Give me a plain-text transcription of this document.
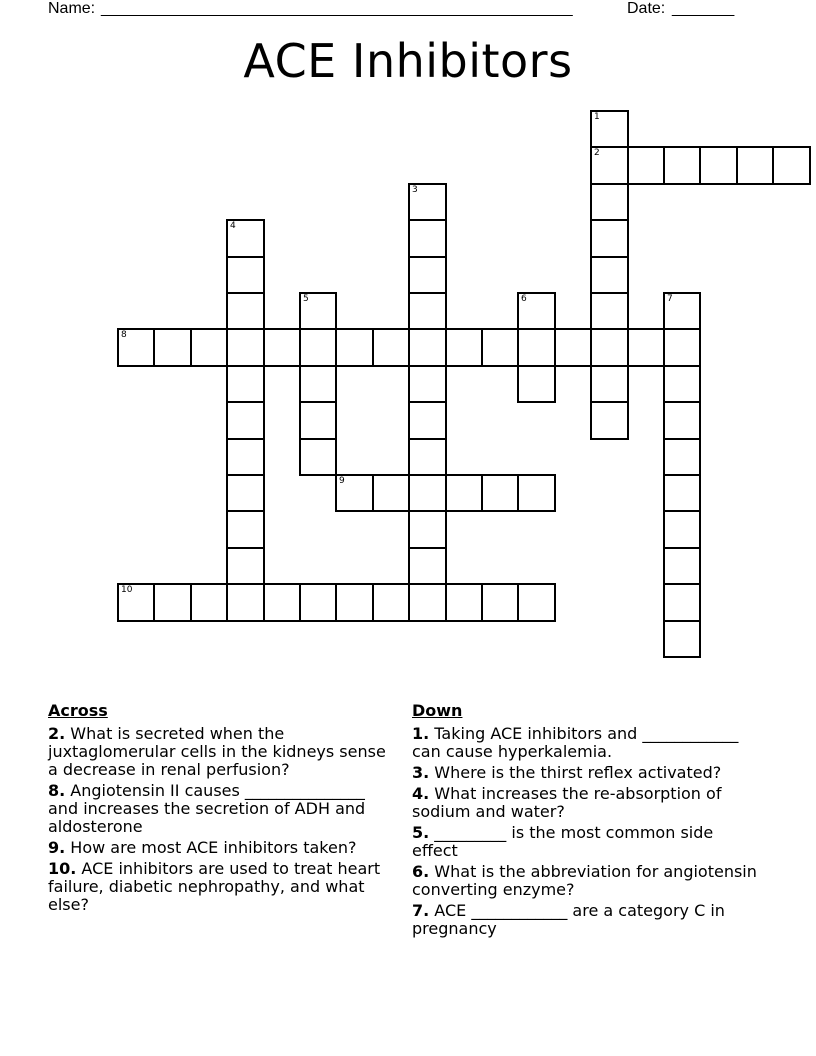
Name: _____________________________________________________	Date: _______
ACE Inhibitors
2
8
9
10
1
3
4
5	6	7
Across
2. What is secreted when the juxtaglomerular cells in the kidneys sense a decrease in renal perfusion?
8. Angiotensin II causes _______________ and increases the secretion of ADH and aldosterone
9. How are most ACE inhibitors taken?
10. ACE inhibitors are used to treat heart failure, diabetic nephropathy, and what else?
Down
1. Taking ACE inhibitors and ____________ can cause hyperkalemia.
3. Where is the thirst reflex activated?
4. What increases the re-absorption of sodium and water?
5. _________ is the most common side effect
6. What is the abbreviation for angiotensin converting enzyme?
7. ACE ____________ are a category C in pregnancy
